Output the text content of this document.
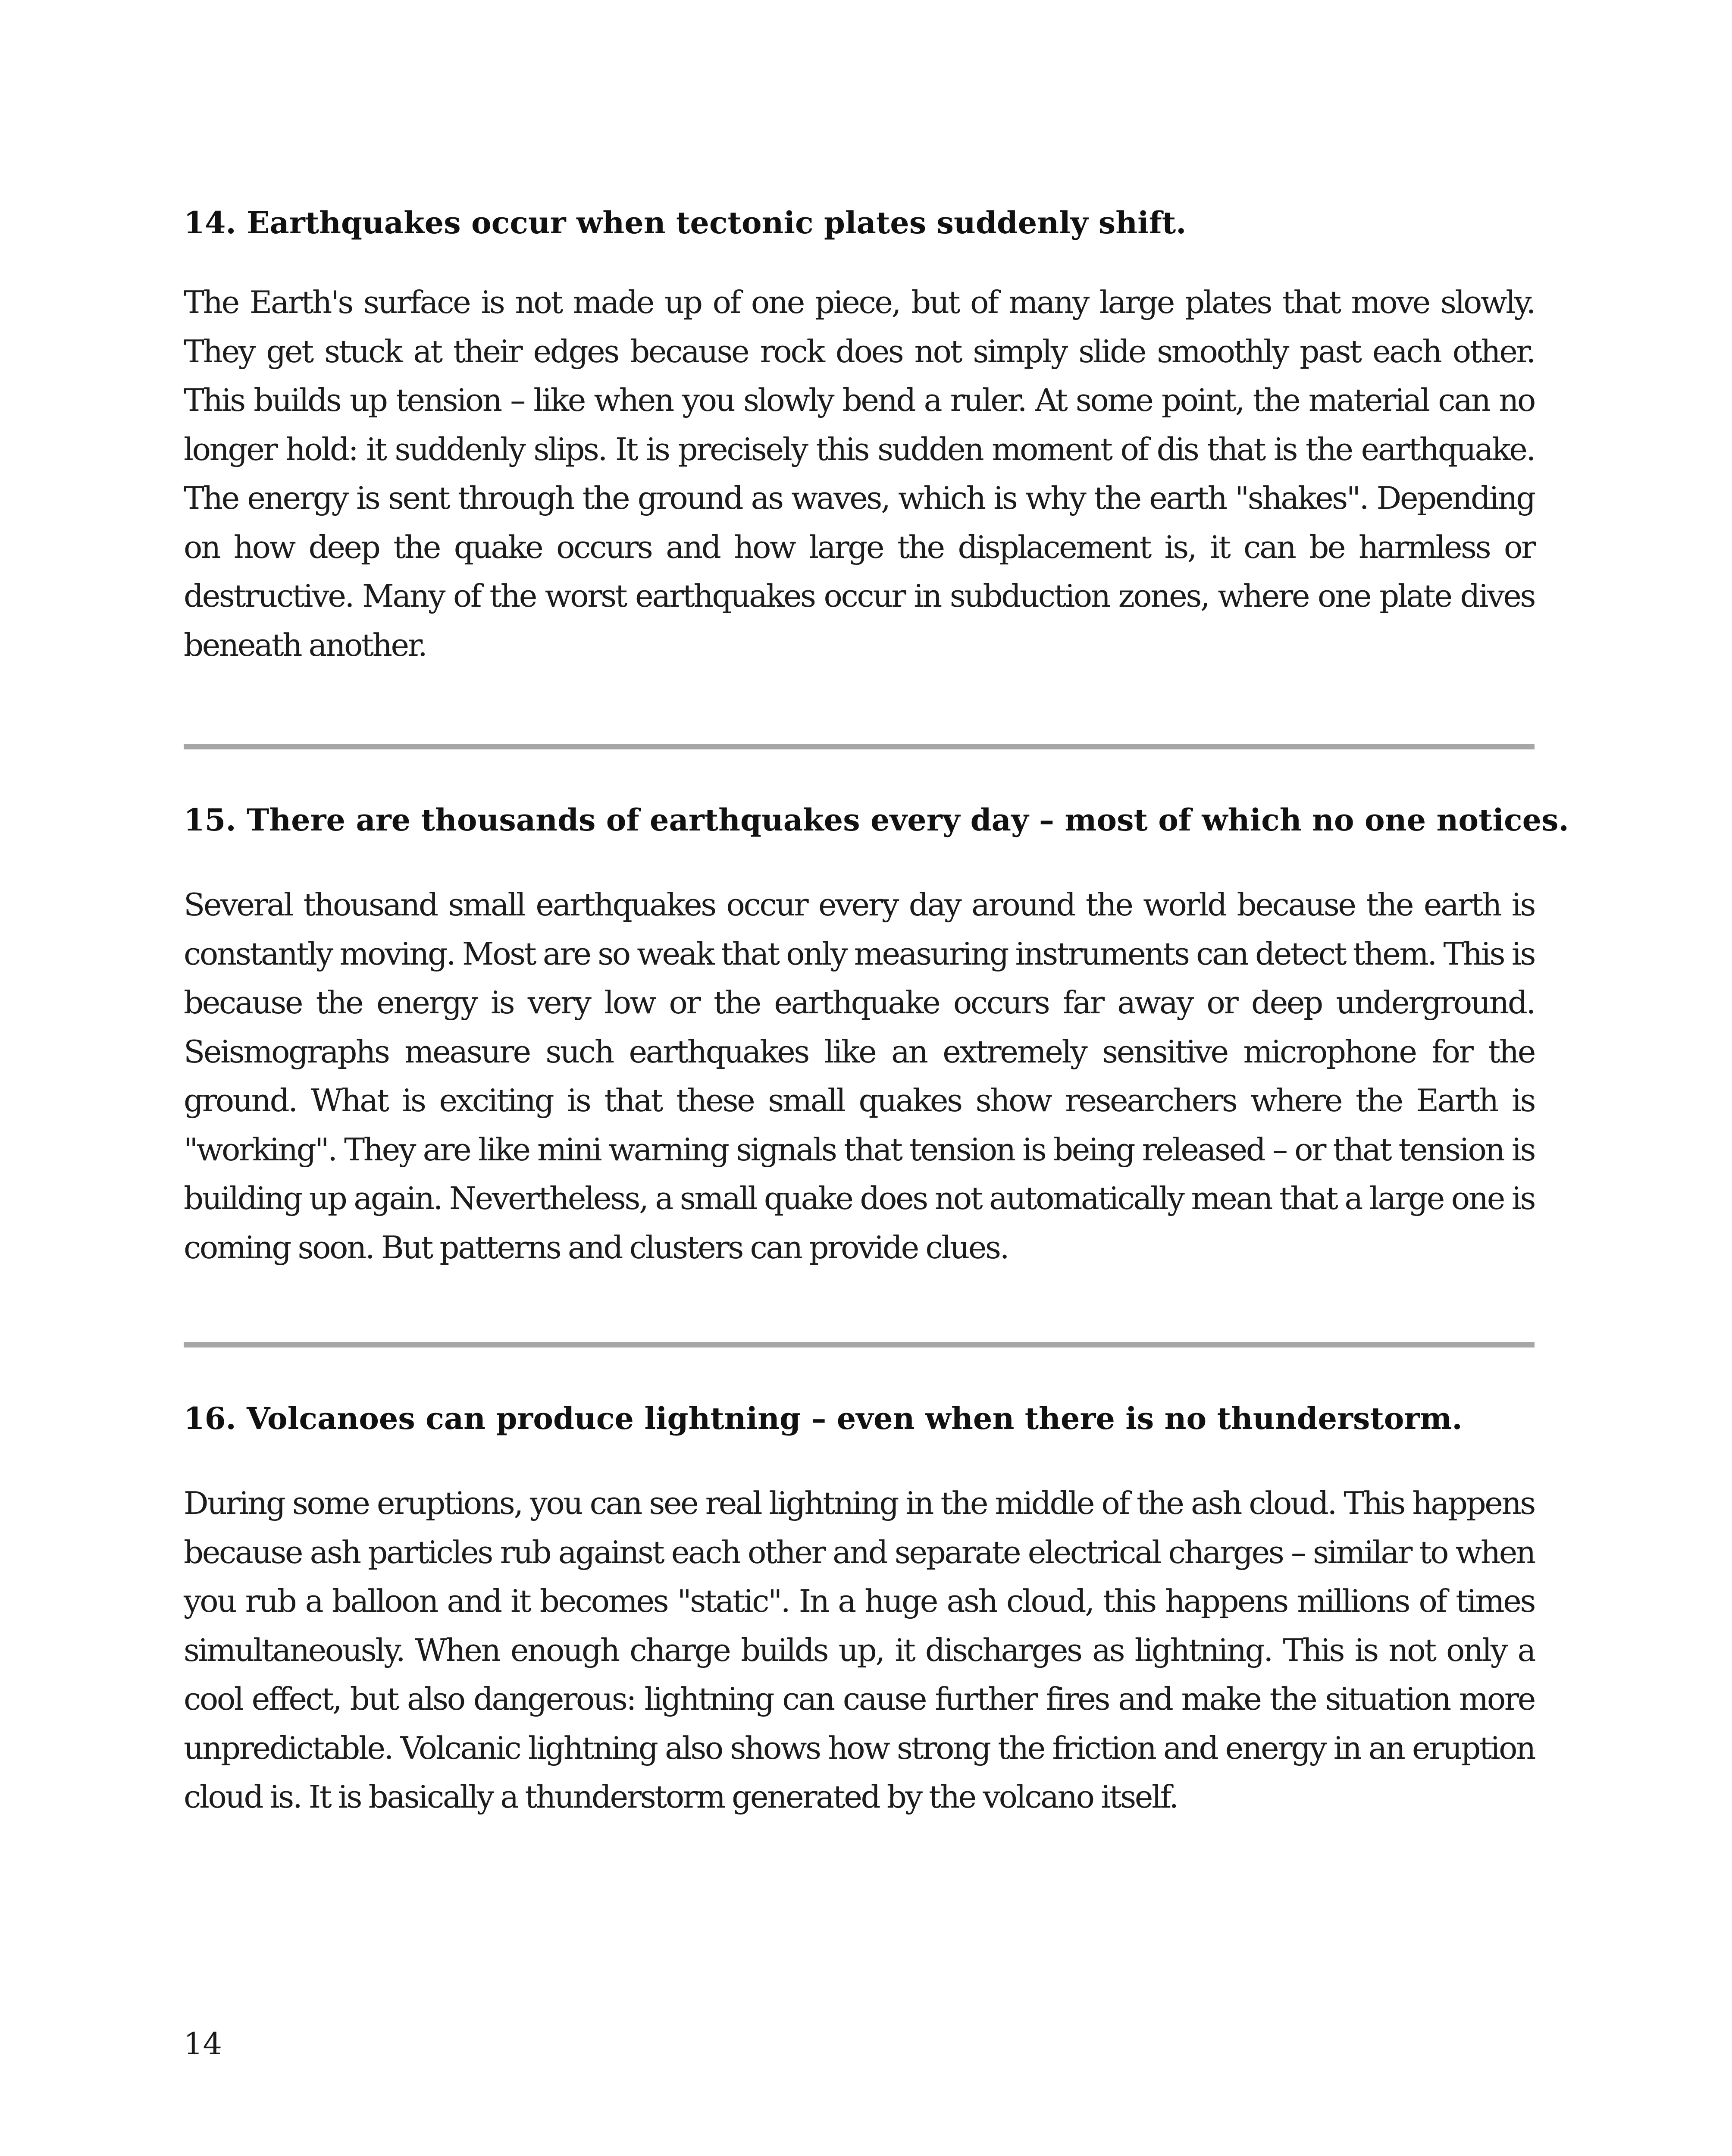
14. Earthquakes occur when tectonic plates suddenly shift.

The Earth's surface is not made up of one piece, but of many large plates that move slowly. They get stuck at their edges because rock does not simply slide smoothly past each other. This builds up tension – like when you slowly bend a ruler. At some point, the material can no longer hold: it suddenly slips. It is precisely this sudden moment of dis that is the earthquake. The energy is sent through the ground as waves, which is why the earth "shakes". Depending on how deep the quake occurs and how large the displacement is, it can be harmless or destructive. Many of the worst earthquakes occur in subduction zones, where one plate dives beneath another.

15. There are thousands of earthquakes every day – most of which no one notices.

Several thousand small earthquakes occur every day around the world because the earth is constantly moving. Most are so weak that only measuring instruments can detect them. This is because the energy is very low or the earthquake occurs far away or deep underground. Seismographs measure such earthquakes like an extremely sensitive microphone for the ground. What is exciting is that these small quakes show researchers where the Earth is "working". They are like mini warning signals that tension is being released – or that tension is building up again. Nevertheless, a small quake does not automatically mean that a large one is coming soon. But patterns and clusters can provide clues.

16. Volcanoes can produce lightning – even when there is no thunderstorm.

During some eruptions, you can see real lightning in the middle of the ash cloud. This happens because ash particles rub against each other and separate electrical charges – similar to when you rub a balloon and it becomes "static". In a huge ash cloud, this happens millions of times simultaneously. When enough charge builds up, it discharges as lightning. This is not only a cool effect, but also dangerous: lightning can cause further fires and make the situation more unpredictable. Volcanic lightning also shows how strong the friction and energy in an eruption cloud is. It is basically a thunderstorm generated by the volcano itself.

14
